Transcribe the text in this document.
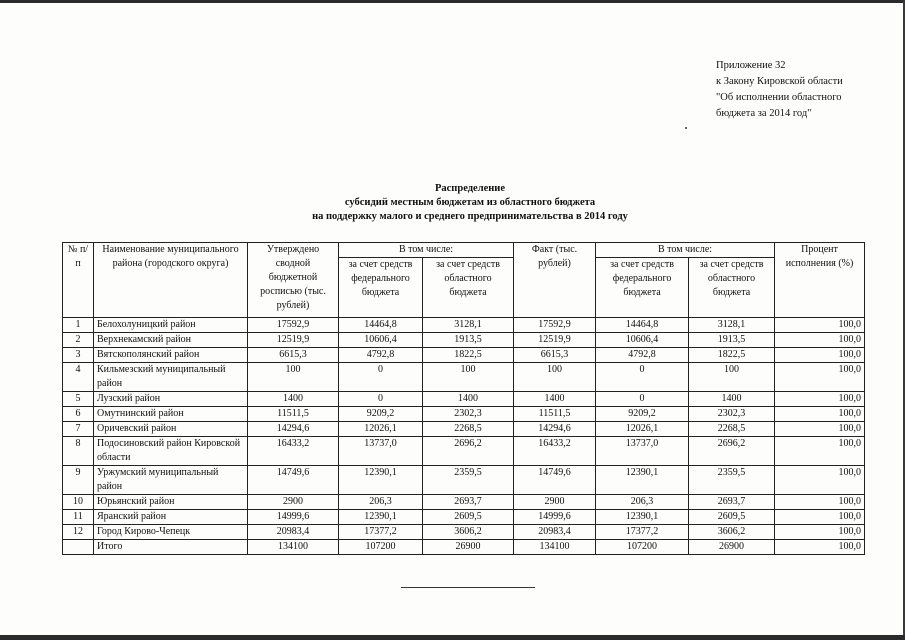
Приложение 32
к Закону Кировской области
"Об исполнении областного
бюджета за 2014 год"
Распределение
субсидий местным бюджетам из областного бюджета
на поддержку малого и среднего предпринимательства в 2014 году
№ п/п	Наименование муниципального района (городского округа)	Утверждено сводной бюджетной росписью (тыс. рублей)	В том числе:		Факт (тыс. рублей)	В том числе:		Процент исполнения (%)
			за счет средств федерального бюджета	за счет средств областного бюджета		за счет средств федерального бюджета	за счет средств областного бюджета	
1	Белохолуницкий район	17592,9	14464,8	3128,1	17592,9	14464,8	3128,1	100,0
2	Верхнекамский район	12519,9	10606,4	1913,5	12519,9	10606,4	1913,5	100,0
3	Вятскополянский район	6615,3	4792,8	1822,5	6615,3	4792,8	1822,5	100,0
4	Кильмезский муниципальный район	100	0	100	100	0	100	100,0
5	Лузский район	1400	0	1400	1400	0	1400	100,0
6	Омутнинский район	11511,5	9209,2	2302,3	11511,5	9209,2	2302,3	100,0
7	Оричевский район	14294,6	12026,1	2268,5	14294,6	12026,1	2268,5	100,0
8	Подосиновский район Кировской области	16433,2	13737,0	2696,2	16433,2	13737,0	2696,2	100,0
9	Уржумский муниципальный район	14749,6	12390,1	2359,5	14749,6	12390,1	2359,5	100,0
10	Юрьянский район	2900	206,3	2693,7	2900	206,3	2693,7	100,0
11	Яранский район	14999,6	12390,1	2609,5	14999,6	12390,1	2609,5	100,0
12	Город Кирово-Чепецк	20983,4	17377,2	3606,2	20983,4	17377,2	3606,2	100,0
	Итого	134100	107200	26900	134100	107200	26900	100,0
